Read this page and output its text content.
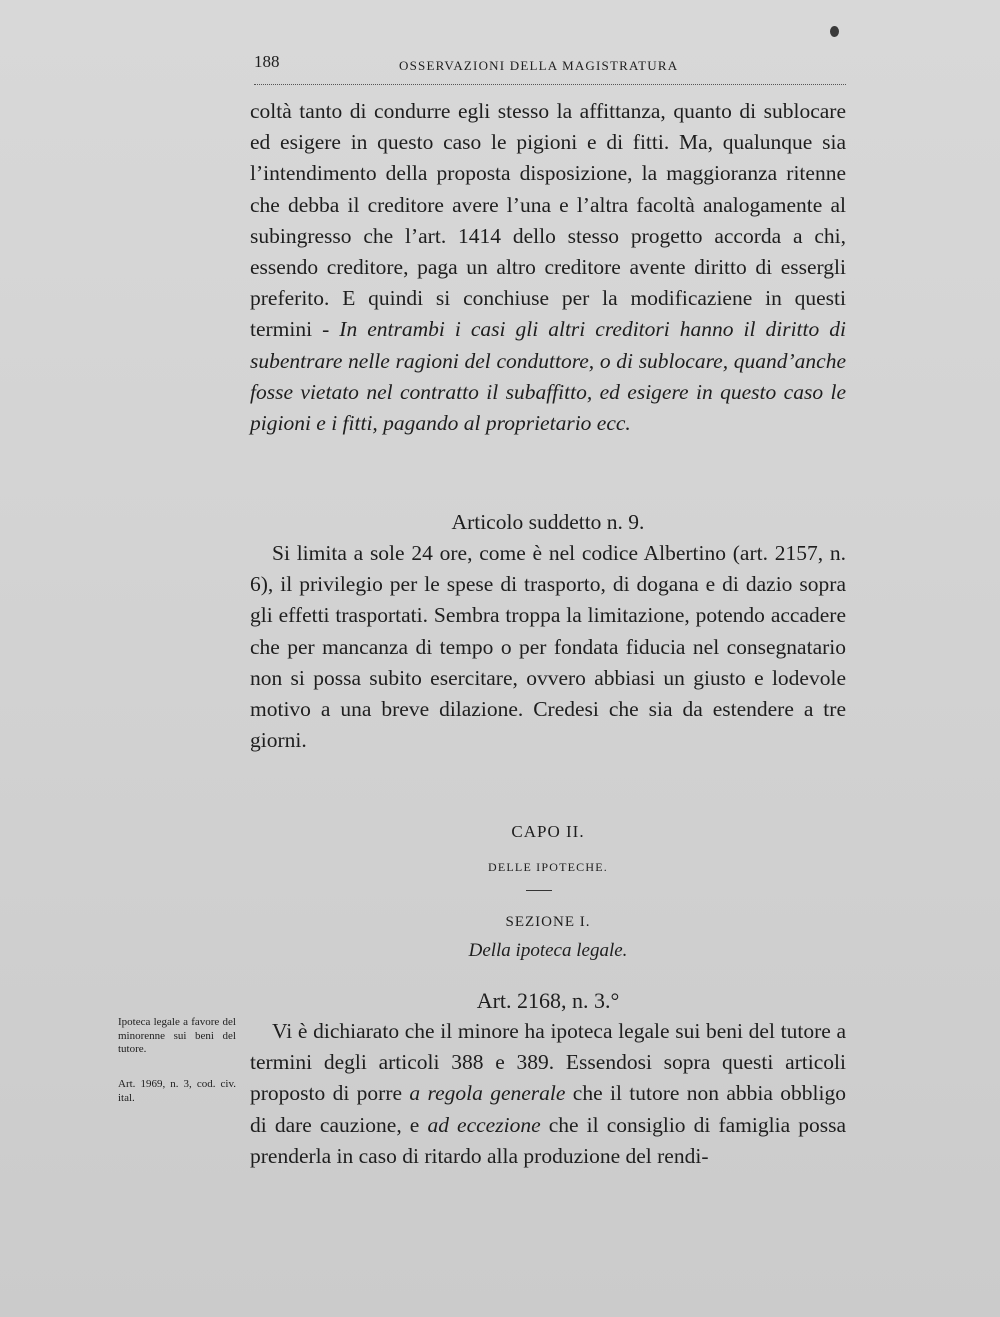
188	OSSERVAZIONI DELLA MAGISTRATURA

coltà tanto di condurre egli stesso la affittanza, quanto di sublocare ed esigere in questo caso le pigioni e di fitti. Ma, qualunque sia l’intendimento della proposta disposizione, la maggioranza ritenne che debba il creditore avere l’una e l’altra facoltà analogamente al subingresso che l’art. 1414 dello stesso progetto accorda a chi, essendo creditore, paga un altro creditore avente diritto di essergli preferito. E quindi si conchiuse per la modificaziene in questi termini - In entrambi i casi gli altri creditori hanno il diritto di subentrare nelle ragioni del conduttore, o di sublocare, quand’anche fosse vietato nel contratto il subaffitto, ed esigere in questo caso le pigioni e i fitti, pagando al proprietario ecc.

Articolo suddetto n. 9.

Si limita a sole 24 ore, come è nel codice Albertino (art. 2157, n. 6), il privilegio per le spese di trasporto, di dogana e di dazio sopra gli effetti trasportati. Sembra troppa la limitazione, potendo accadere che per mancanza di tempo o per fondata fiducia nel consegnatario non si possa subito esercitare, ovvero abbiasi un giusto e lodevole motivo a una breve dilazione. Credesi che sia da estendere a tre giorni.

CAPO II.
DELLE IPOTECHE.
SEZIONE I.
Della ipoteca legale.
Art. 2168, n. 3.°

Vi è dichiarato che il minore ha ipoteca legale sui beni del tutore a termini degli articoli 388 e 389. Essendosi sopra questi articoli proposto di porre a regola generale che il tutore non abbia obbligo di dare cauzione, e ad eccezione che il consiglio di famiglia possa prenderla in caso di ritardo alla produzione del rendi-

Ipoteca legale a favore del minorenne sui beni del tutore.
Art. 1969, n. 3, cod. civ. ital.
